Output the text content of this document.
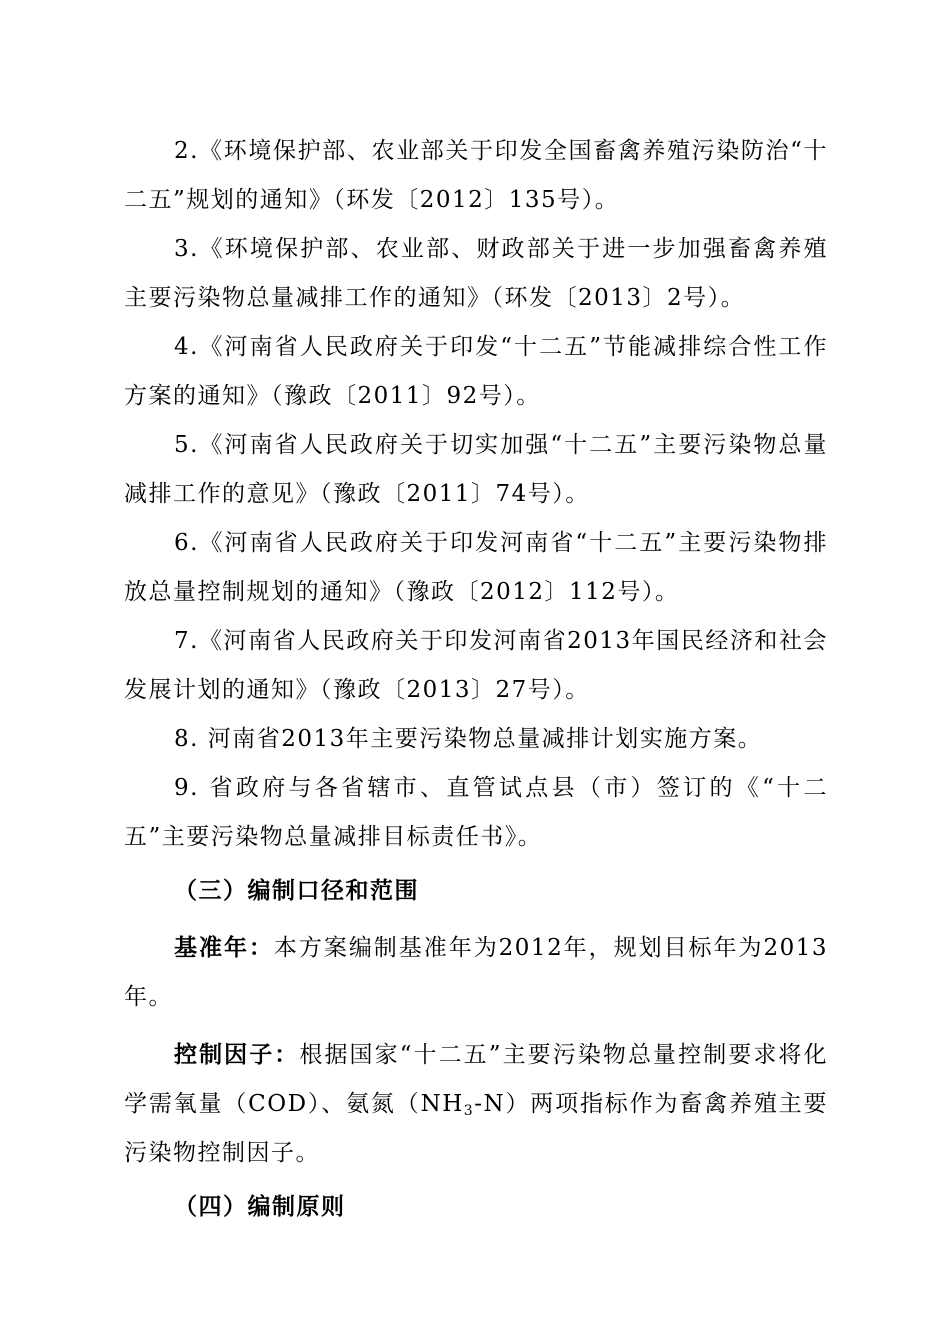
2.《环境保护部、农业部关于印发全国畜禽养殖污染防治“十二五”规划的通知》（环发〔2012〕135号）。

3.《环境保护部、农业部、财政部关于进一步加强畜禽养殖主要污染物总量减排工作的通知》（环发〔2013〕2号）。

4.《河南省人民政府关于印发“十二五”节能减排综合性工作方案的通知》（豫政〔2011〕92号）。

5.《河南省人民政府关于切实加强“十二五”主要污染物总量减排工作的意见》（豫政〔2011〕74号）。

6.《河南省人民政府关于印发河南省“十二五”主要污染物排放总量控制规划的通知》（豫政〔2012〕112号）。

7.《河南省人民政府关于印发河南省2013年国民经济和社会发展计划的通知》（豫政〔2013〕27号）。

8. 河南省2013年主要污染物总量减排计划实施方案。

9. 省政府与各省辖市、直管试点县（市）签订的《“十二五”主要污染物总量减排目标责任书》。

（三）编制口径和范围

基准年：本方案编制基准年为2012年，规划目标年为2013年。

控制因子：根据国家“十二五”主要污染物总量控制要求将化学需氧量（COD）、氨氮$(NH_3-N)$两项指标作为畜禽养殖主要污染物控制因子。

（四）编制原则
